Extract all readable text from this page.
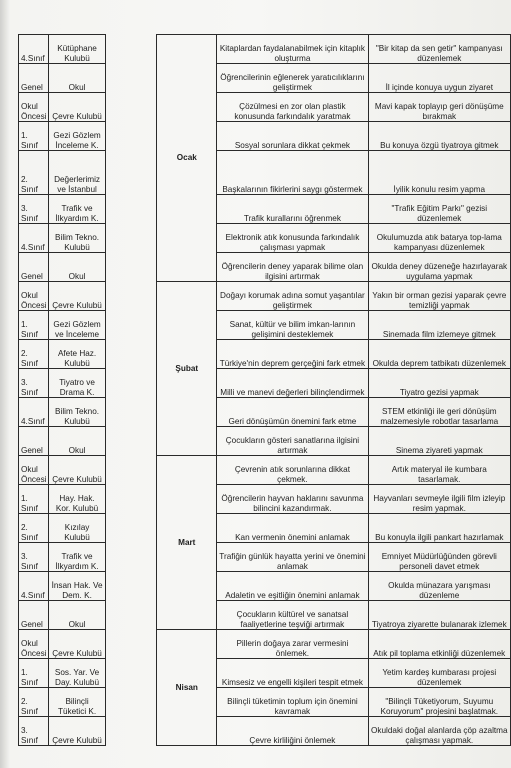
4.Sınıf	Kütüphane Kulubü		Ocak	Kitaplardan faydalanabilmek için kitaplık oluşturma	"Bir kitap da sen getir" kampanyası düzenlemek
Genel	Okul			Öğrencilerinin eğlenerek yaratıcılıklarını geliştirmek	İl içinde konuya uygun ziyaret
Okul Öncesi	Çevre Kulubü			Çözülmesi en zor olan plastik konusunda farkındalık yaratmak	Mavi kapak toplayıp geri dönüşüme bırakmak
1. Sınıf	Gezi Gözlem İnceleme K.			Sosyal sorunlara dikkat çekmek	Bu konuya özgü tiyatroya gitmek
2. Sınıf	Değerlerimiz ve İstanbul			Başkalarının fikirlerini saygı göstermek	İyilik konulu resim yapma
3. Sınıf	Trafik ve İlkyardım K.			Trafik kurallarını öğrenmek	"Trafik Eğitim Parkı" gezisi düzenlemek
4.Sınıf	Bilim Tekno. Kulubü			Elektronik atık konusunda farkındalık çalışması yapmak	Okulumuzda atık batarya top-lama kampanyası düzenlemek
Genel	Okul			Öğrencilerin deney yaparak bilime olan ilgisini artırmak	Okulda deney düzeneğe hazırlayarak uygulama yapmak
Okul Öncesi	Çevre Kulubü		Şubat	Doğayı korumak adına somut yaşantılar geliştirmek	Yakın bir orman gezisi yaparak çevre temizliği yapmak
1. Sınıf	Gezi Gözlem ve İnceleme			Sanat, kültür ve bilim imkan-larının gelişimini desteklemek	Sinemada film izlemeye gitmek
2. Sınıf	Afete Haz. Kulubü			Türkiye'nin deprem gerçeğini fark etmek	Okulda deprem tatbikatı düzenlemek
3. Sınıf	Tiyatro ve Drama K.			Milli ve manevi değerleri bilinçlendirmek	Tiyatro gezisi yapmak
4.Sınıf	Bilim Tekno. Kulubü			Geri dönüşümün önemini fark etme	STEM etkinliği ile geri dönüşüm malzemesiyle robotlar tasarlama
Genel	Okul			Çocukların gösteri sanatlarına ilgisini artırmak	Sinema ziyareti yapmak
Okul Öncesi	Çevre Kulubü		Mart	Çevrenin atık sorunlarına dikkat çekmek.	Artık materyal ile kumbara tasarlamak.
1. Sınıf	Hay. Hak. Kor. Kulubü			Öğrencilerin hayvan haklarını savunma bilincini kazandırmak.	Hayvanları sevmeyle ilgili film izleyip resim yapmak.
2. Sınıf	Kızılay Kulubü			Kan vermenin önemini anlamak	Bu konuyla ilgili pankart hazırlamak
3. Sınıf	Trafik ve İlkyardım K.			Trafiğin günlük hayatta yerini ve önemini anlamak	Emniyet Müdürlüğünden görevli personeli davet etmek
4.Sınıf	İnsan Hak. Ve Dem. K.			Adaletin ve eşitliğin önemini anlamak	Okulda münazara yarışması düzenleme
Genel	Okul			Çocukların kültürel ve sanatsal faaliyetlerine teşviği artırmak	Tiyatroya ziyarette bulanarak izlemek
Okul Öncesi	Çevre Kulubü		Nisan	Pillerin doğaya zarar vermesini önlemek.	Atık pil toplama etkinliği düzenlemek
1. Sınıf	Sos. Yar. Ve Day. Kulubü			Kimsesiz ve engelli kişileri tespit etmek	Yetim kardeş kumbarası projesi düzenlemek
2. Sınıf	Bilinçli Tüketici K.			Bilinçli tüketimin toplum için önemini kavramak	"Bilinçli Tüketiyorum, Suyumu Koruyorum" projesini başlatmak.
3. Sınıf	Çevre Kulubü			Çevre kirliliğini önlemek	Okuldaki doğal alanlarda çöp azaltma çalışması yapmak.
